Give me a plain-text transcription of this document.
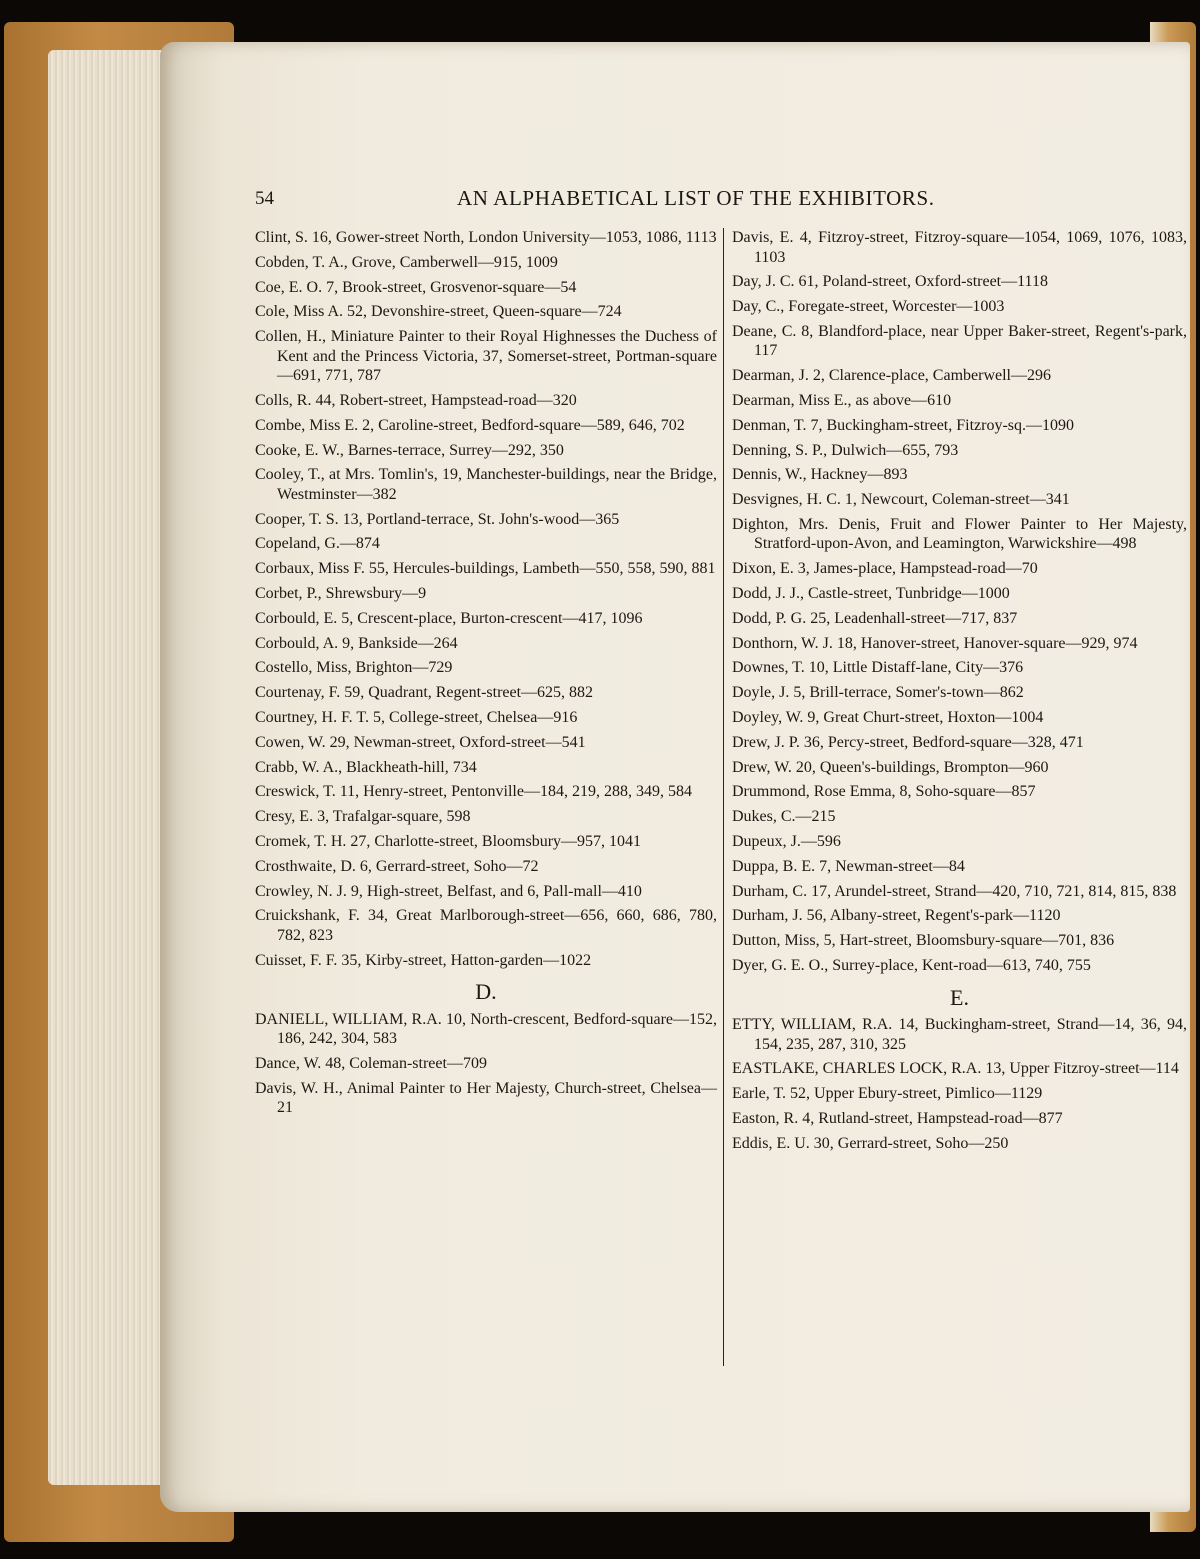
54	AN ALPHABETICAL LIST OF THE EXHIBITORS.

Clint, S. 16, Gower-street North, London University—1053, 1086, 1113

Cobden, T. A., Grove, Camberwell—915, 1009

Coe, E. O. 7, Brook-street, Grosvenor-square—54

Cole, Miss A. 52, Devonshire-street, Queen-square—724

Collen, H., Miniature Painter to their Royal Highnesses the Duchess of Kent and the Princess Victoria, 37, Somerset-street, Portman-square—691, 771, 787

Colls, R. 44, Robert-street, Hampstead-road—320

Combe, Miss E. 2, Caroline-street, Bedford-square—589, 646, 702

Cooke, E. W., Barnes-terrace, Surrey—292, 350

Cooley, T., at Mrs. Tomlin's, 19, Manchester-buildings, near the Bridge, Westminster—382

Cooper, T. S. 13, Portland-terrace, St. John's-wood—365

Copeland, G.—874

Corbaux, Miss F. 55, Hercules-buildings, Lambeth—550, 558, 590, 881

Corbet, P., Shrewsbury—9

Corbould, E. 5, Crescent-place, Burton-crescent—417, 1096

Corbould, A. 9, Bankside—264

Costello, Miss, Brighton—729

Courtenay, F. 59, Quadrant, Regent-street—625, 882

Courtney, H. F. T. 5, College-street, Chelsea—916

Cowen, W. 29, Newman-street, Oxford-street—541

Crabb, W. A., Blackheath-hill, 734

Creswick, T. 11, Henry-street, Pentonville—184, 219, 288, 349, 584

Cresy, E. 3, Trafalgar-square, 598

Cromek, T. H. 27, Charlotte-street, Bloomsbury—957, 1041

Crosthwaite, D. 6, Gerrard-street, Soho—72

Crowley, N. J. 9, High-street, Belfast, and 6, Pall-mall—410

Cruickshank, F. 34, Great Marlborough-street—656, 660, 686, 780, 782, 823

Cuisset, F. F. 35, Kirby-street, Hatton-garden—1022

D.

DANIELL, WILLIAM, R.A. 10, North-crescent, Bedford-square—152, 186, 242, 304, 583

Dance, W. 48, Coleman-street—709

Davis, W. H., Animal Painter to Her Majesty, Church-street, Chelsea—21

Davis, E. 4, Fitzroy-street, Fitzroy-square—1054, 1069, 1076, 1083, 1103

Day, J. C. 61, Poland-street, Oxford-street—1118

Day, C., Foregate-street, Worcester—1003

Deane, C. 8, Blandford-place, near Upper Baker-street, Regent's-park, 117

Dearman, J. 2, Clarence-place, Camberwell—296

Dearman, Miss E., as above—610

Denman, T. 7, Buckingham-street, Fitzroy-sq.—1090

Denning, S. P., Dulwich—655, 793

Dennis, W., Hackney—893

Desvignes, H. C. 1, Newcourt, Coleman-street—341

Dighton, Mrs. Denis, Fruit and Flower Painter to Her Majesty, Stratford-upon-Avon, and Leamington, Warwickshire—498

Dixon, E. 3, James-place, Hampstead-road—70

Dodd, J. J., Castle-street, Tunbridge—1000

Dodd, P. G. 25, Leadenhall-street—717, 837

Donthorn, W. J. 18, Hanover-street, Hanover-square—929, 974

Downes, T. 10, Little Distaff-lane, City—376

Doyle, J. 5, Brill-terrace, Somer's-town—862

Doyley, W. 9, Great Churt-street, Hoxton—1004

Drew, J. P. 36, Percy-street, Bedford-square—328, 471

Drew, W. 20, Queen's-buildings, Brompton—960

Drummond, Rose Emma, 8, Soho-square—857

Dukes, C.—215

Dupeux, J.—596

Duppa, B. E. 7, Newman-street—84

Durham, C. 17, Arundel-street, Strand—420, 710, 721, 814, 815, 838

Durham, J. 56, Albany-street, Regent's-park—1120

Dutton, Miss, 5, Hart-street, Bloomsbury-square—701, 836

Dyer, G. E. O., Surrey-place, Kent-road—613, 740, 755

E.

ETTY, WILLIAM, R.A. 14, Buckingham-street, Strand—14, 36, 94, 154, 235, 287, 310, 325

EASTLAKE, CHARLES LOCK, R.A. 13, Upper Fitzroy-street—114

Earle, T. 52, Upper Ebury-street, Pimlico—1129

Easton, R. 4, Rutland-street, Hampstead-road—877

Eddis, E. U. 30, Gerrard-street, Soho—250
